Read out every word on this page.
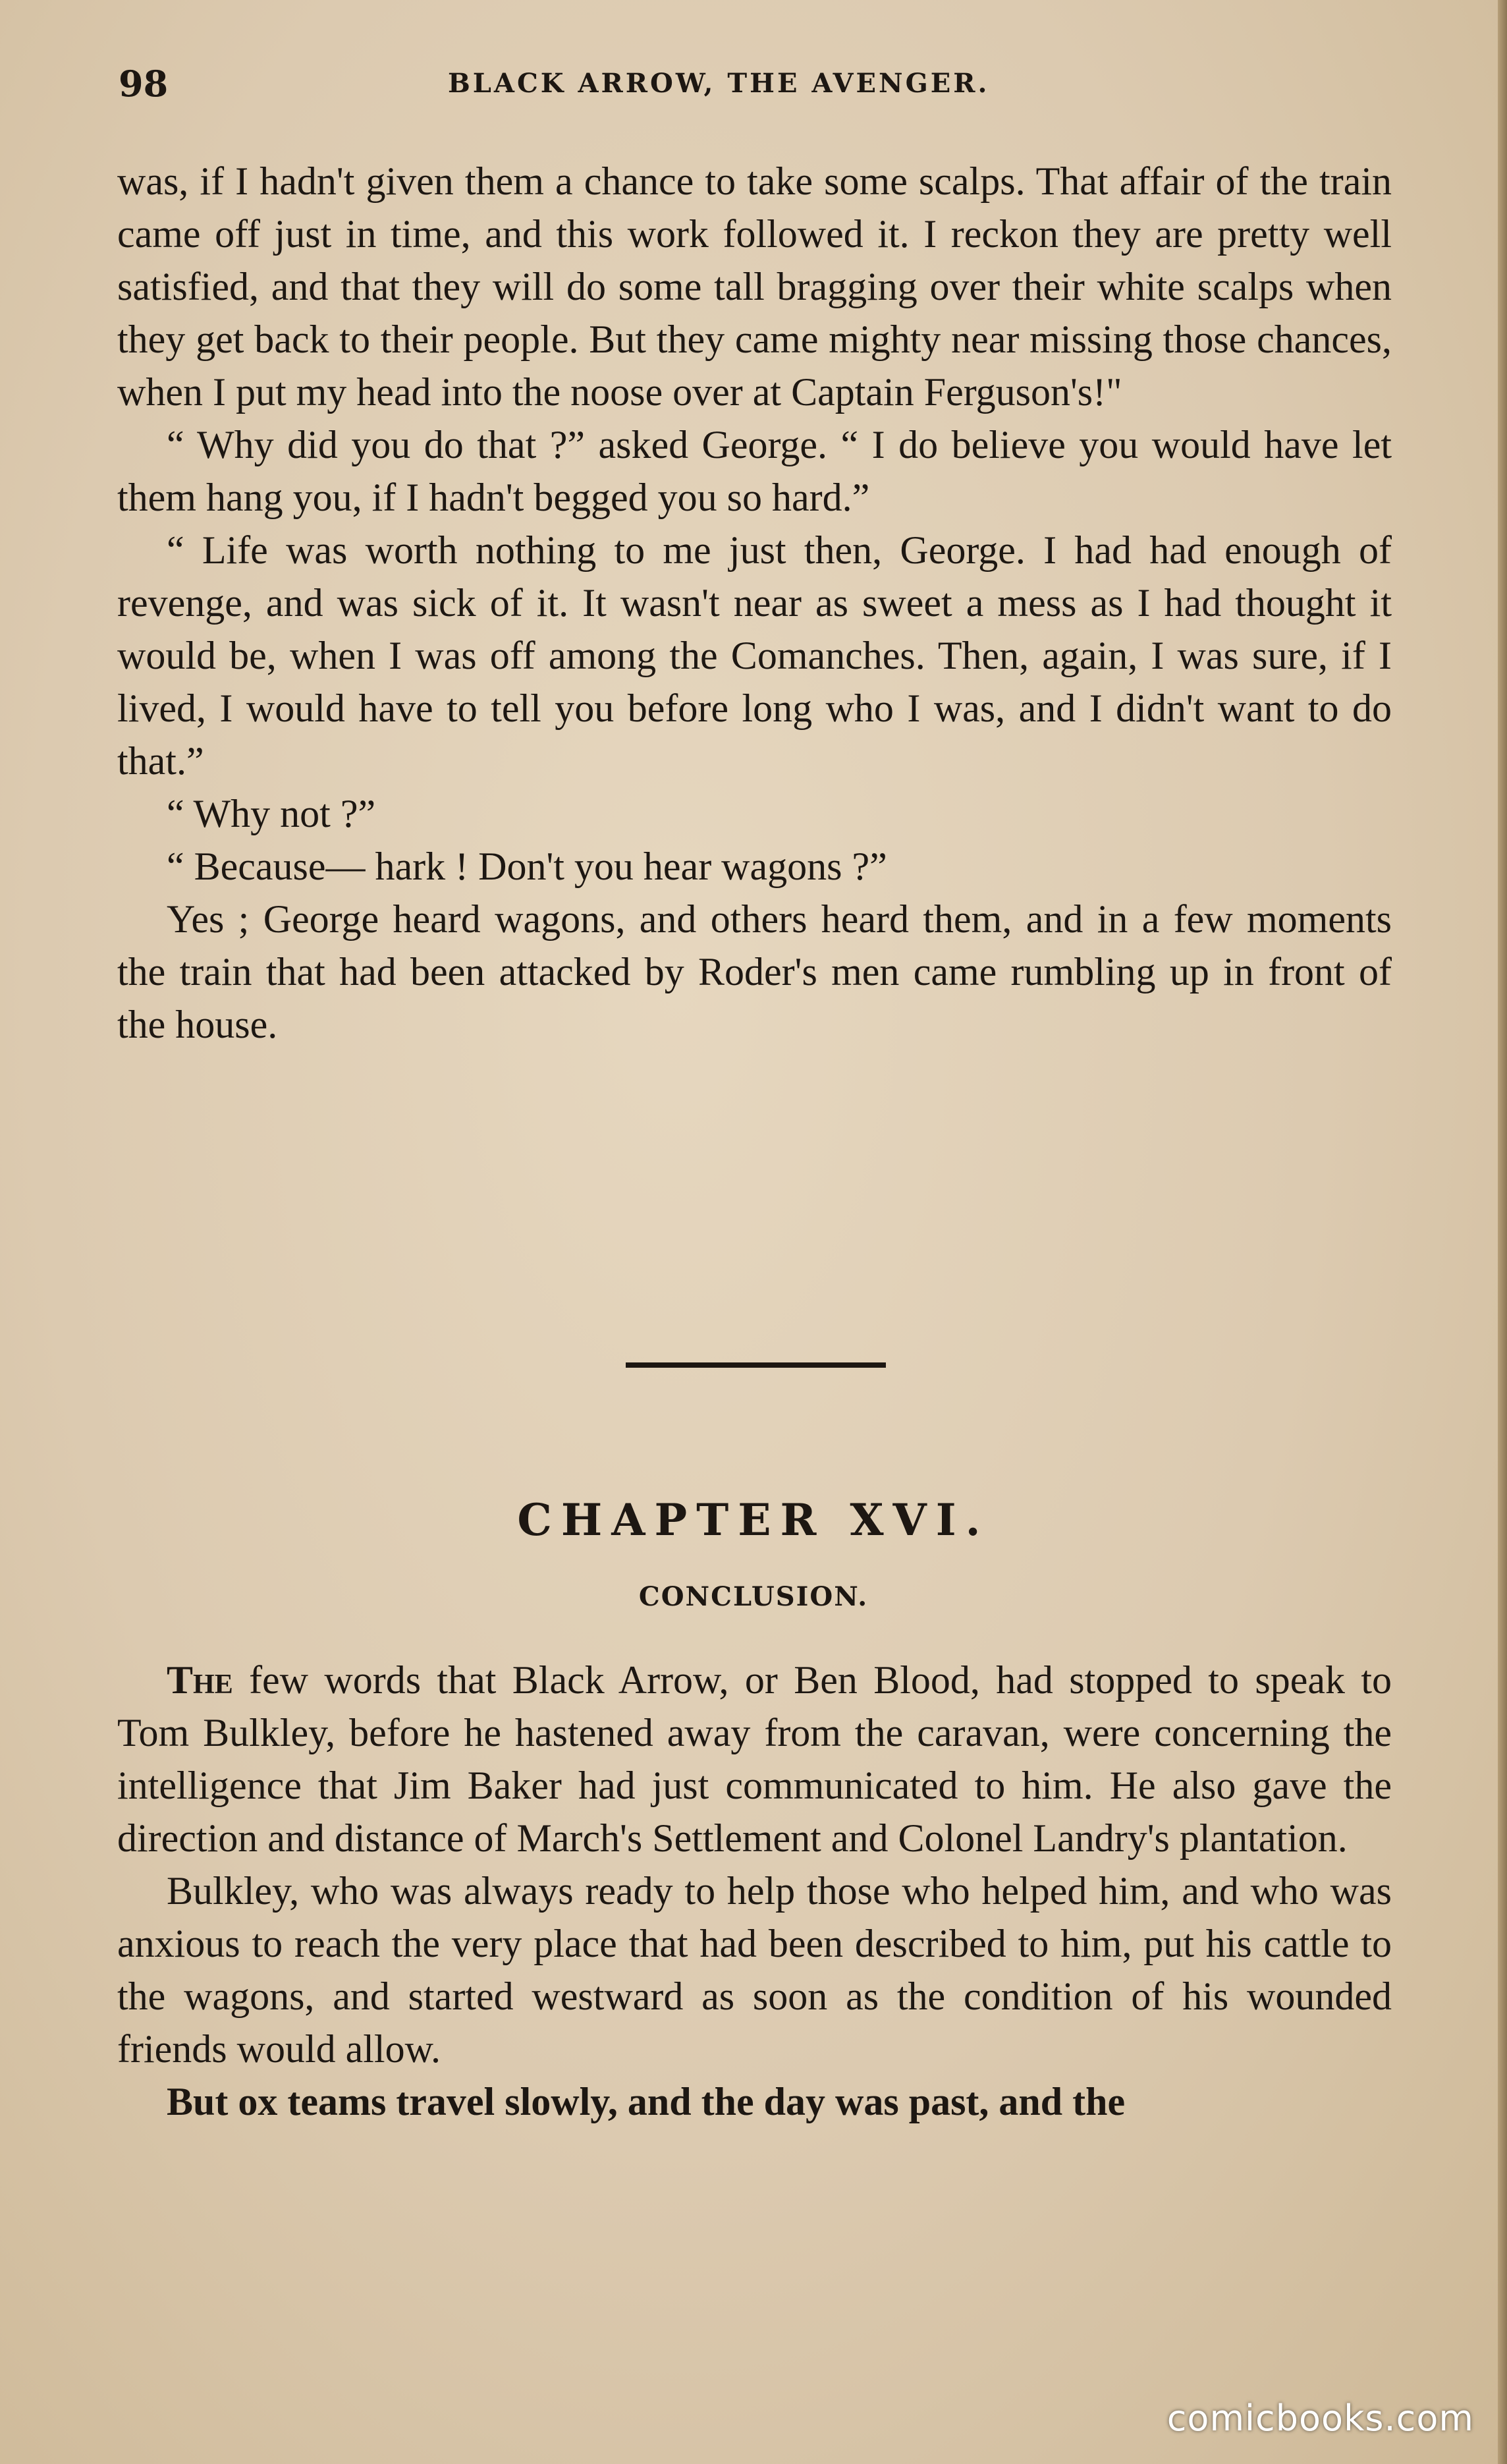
98	BLACK ARROW, THE AVENGER.

was, if I hadn't given them a chance to take some scalps. That affair of the train came off just in time, and this work followed it. I reckon they are pretty well satisfied, and that they will do some tall bragging over their white scalps when they get back to their people. But they came mighty near missing those chances, when I put my head into the noose over at Captain Ferguson's!"

“ Why did you do that ?” asked George. “ I do believe you would have let them hang you, if I hadn't begged you so hard.”

“ Life was worth nothing to me just then, George. I had had enough of revenge, and was sick of it. It wasn't near as sweet a mess as I had thought it would be, when I was off among the Comanches. Then, again, I was sure, if I lived, I would have to tell you before long who I was, and I didn't want to do that.”

“ Why not ?”

“ Because— hark ! Don't you hear wagons ?”

Yes ; George heard wagons, and others heard them, and in a few moments the train that had been attacked by Roder's men came rumbling up in front of the house.

CHAPTER XVI.
CONCLUSION.

The few words that Black Arrow, or Ben Blood, had stopped to speak to Tom Bulkley, before he hastened away from the caravan, were concerning the intelligence that Jim Baker had just communicated to him. He also gave the direction and distance of March's Settlement and Colonel Landry's plantation.

Bulkley, who was always ready to help those who helped him, and who was anxious to reach the very place that had been described to him, put his cattle to the wagons, and started westward as soon as the condition of his wounded friends would allow.

But ox teams travel slowly, and the day was past, and the

comicbooks.com
